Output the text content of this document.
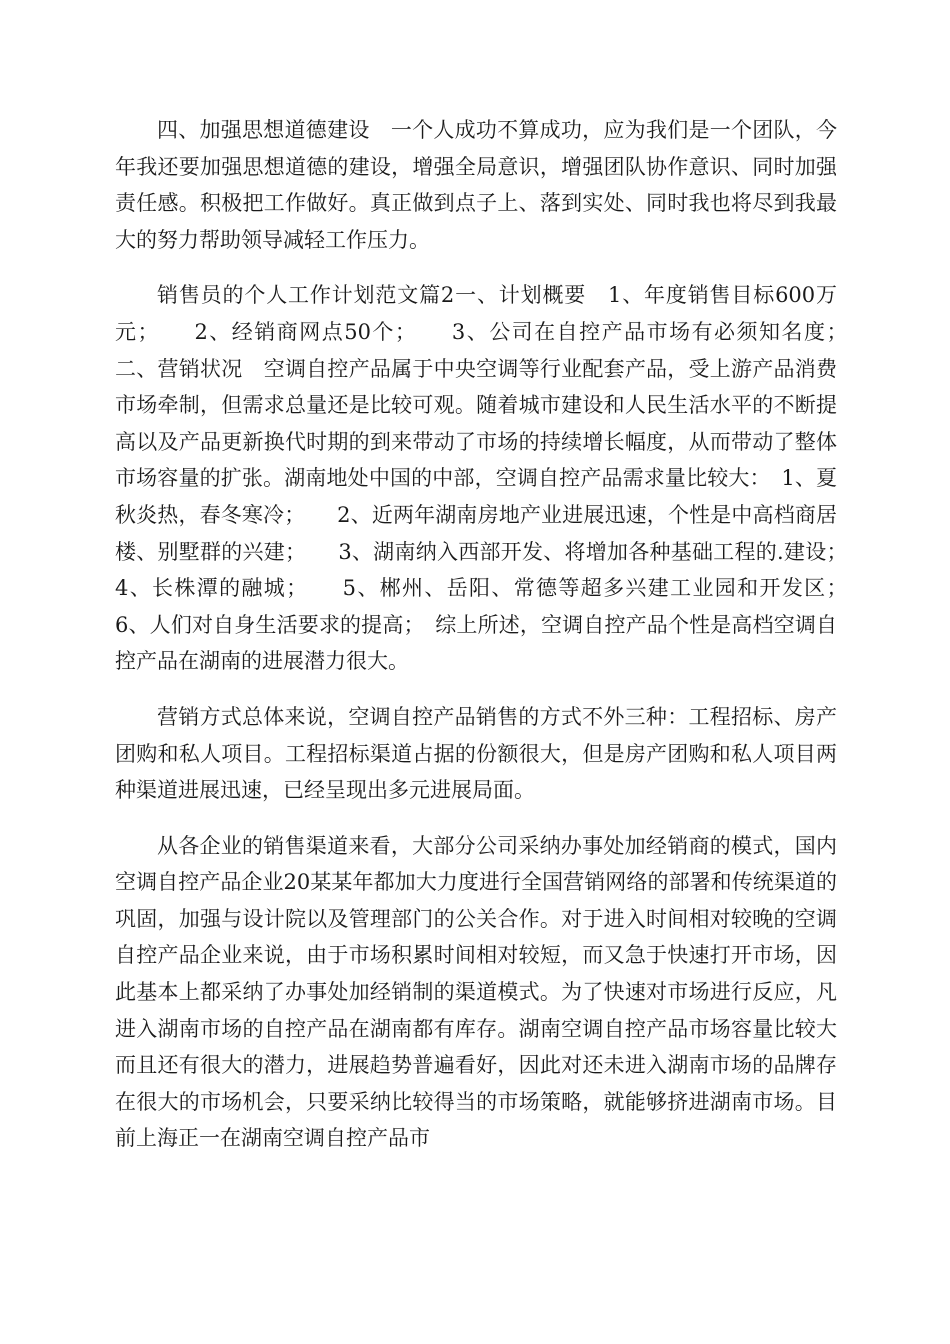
四、加强思想道德建设　一个人成功不算成功，应为我们是一个团队，今年我还要加强思想道德的建设，增强全局意识，增强团队协作意识、同时加强责任感。积极把工作做好。真正做到点子上、落到实处、同时我也将尽到我最大的努力帮助领导减轻工作压力。

销售员的个人工作计划范文篇2一、计划概要　1、年度销售目标600万元；　　2、经销商网点50个；　　3、公司在自控产品市场有必须知名度；　　二、营销状况　空调自控产品属于中央空调等行业配套产品，受上游产品消费市场牵制，但需求总量还是比较可观。随着城市建设和人民生活水平的不断提高以及产品更新换代时期的到来带动了市场的持续增长幅度，从而带动了整体市场容量的扩张。湖南地处中国的中部，空调自控产品需求量比较大：　1、夏秋炎热，春冬寒冷；　　2、近两年湖南房地产业进展迅速，个性是中高档商居楼、别墅群的兴建；　　3、湖南纳入西部开发、将增加各种基础工程的.建设；　　4、长株潭的融城；　　5、郴州、岳阳、常德等超多兴建工业园和开发区；　　6、人们对自身生活要求的提高；　综上所述，空调自控产品个性是高档空调自控产品在湖南的进展潜力很大。

营销方式总体来说，空调自控产品销售的方式不外三种：工程招标、房产团购和私人项目。工程招标渠道占据的份额很大，但是房产团购和私人项目两种渠道进展迅速，已经呈现出多元进展局面。

从各企业的销售渠道来看，大部分公司采纳办事处加经销商的模式，国内空调自控产品企业20某某年都加大力度进行全国营销网络的部署和传统渠道的巩固，加强与设计院以及管理部门的公关合作。对于进入时间相对较晚的空调自控产品企业来说，由于市场积累时间相对较短，而又急于快速打开市场，因此基本上都采纳了办事处加经销制的渠道模式。为了快速对市场进行反应，凡进入湖南市场的自控产品在湖南都有库存。湖南空调自控产品市场容量比较大而且还有很大的潜力，进展趋势普遍看好，因此对还未进入湖南市场的品牌存在很大的市场机会，只要采纳比较得当的市场策略，就能够挤进湖南市场。目前上海正一在湖南空调自控产品市
